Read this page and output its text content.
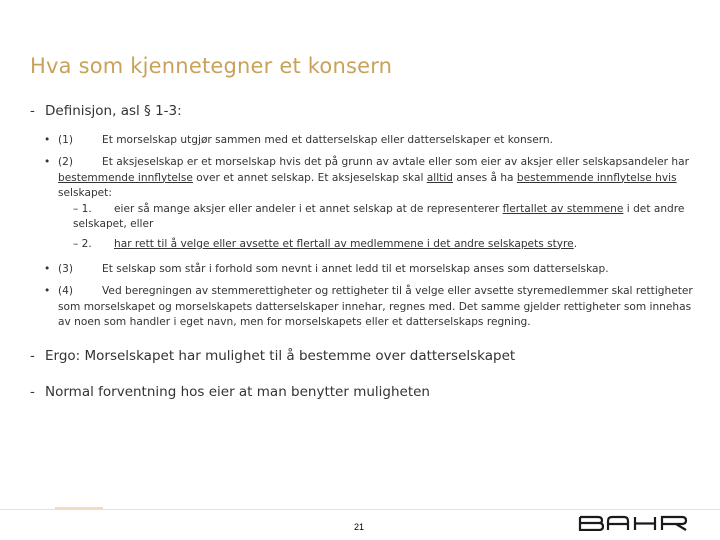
Hva som kjennetegner et konsern
- Definisjon, asl § 1-3:
• (1)	Et morselskap utgjør sammen med et datterselskap eller datterselskaper et konsern.
• (2)	Et aksjeselskap er et morselskap hvis det på grunn av avtale eller som eier av aksjer eller selskapsandeler har bestemmende innflytelse over et annet selskap. Et aksjeselskap skal alltid anses å ha bestemmende innflytelse hvis selskapet:
– 1. eier så mange aksjer eller andeler i et annet selskap at de representerer flertallet av stemmene i det andre selskapet, eller
– 2. har rett til å velge eller avsette et flertall av medlemmene i det andre selskapets styre.
• (3)	Et selskap som står i forhold som nevnt i annet ledd til et morselskap anses som datterselskap.
• (4)	Ved beregningen av stemmerettigheter og rettigheter til å velge eller avsette styremedlemmer skal rettigheter som morselskapet og morselskapets datterselskaper innehar, regnes med. Det samme gjelder rettigheter som innehas av noen som handler i eget navn, men for morselskapets eller et datterselskaps regning.
- Ergo: Morselskapet har mulighet til å bestemme over datterselskapet
- Normal forventning hos eier at man benytter muligheten
21
